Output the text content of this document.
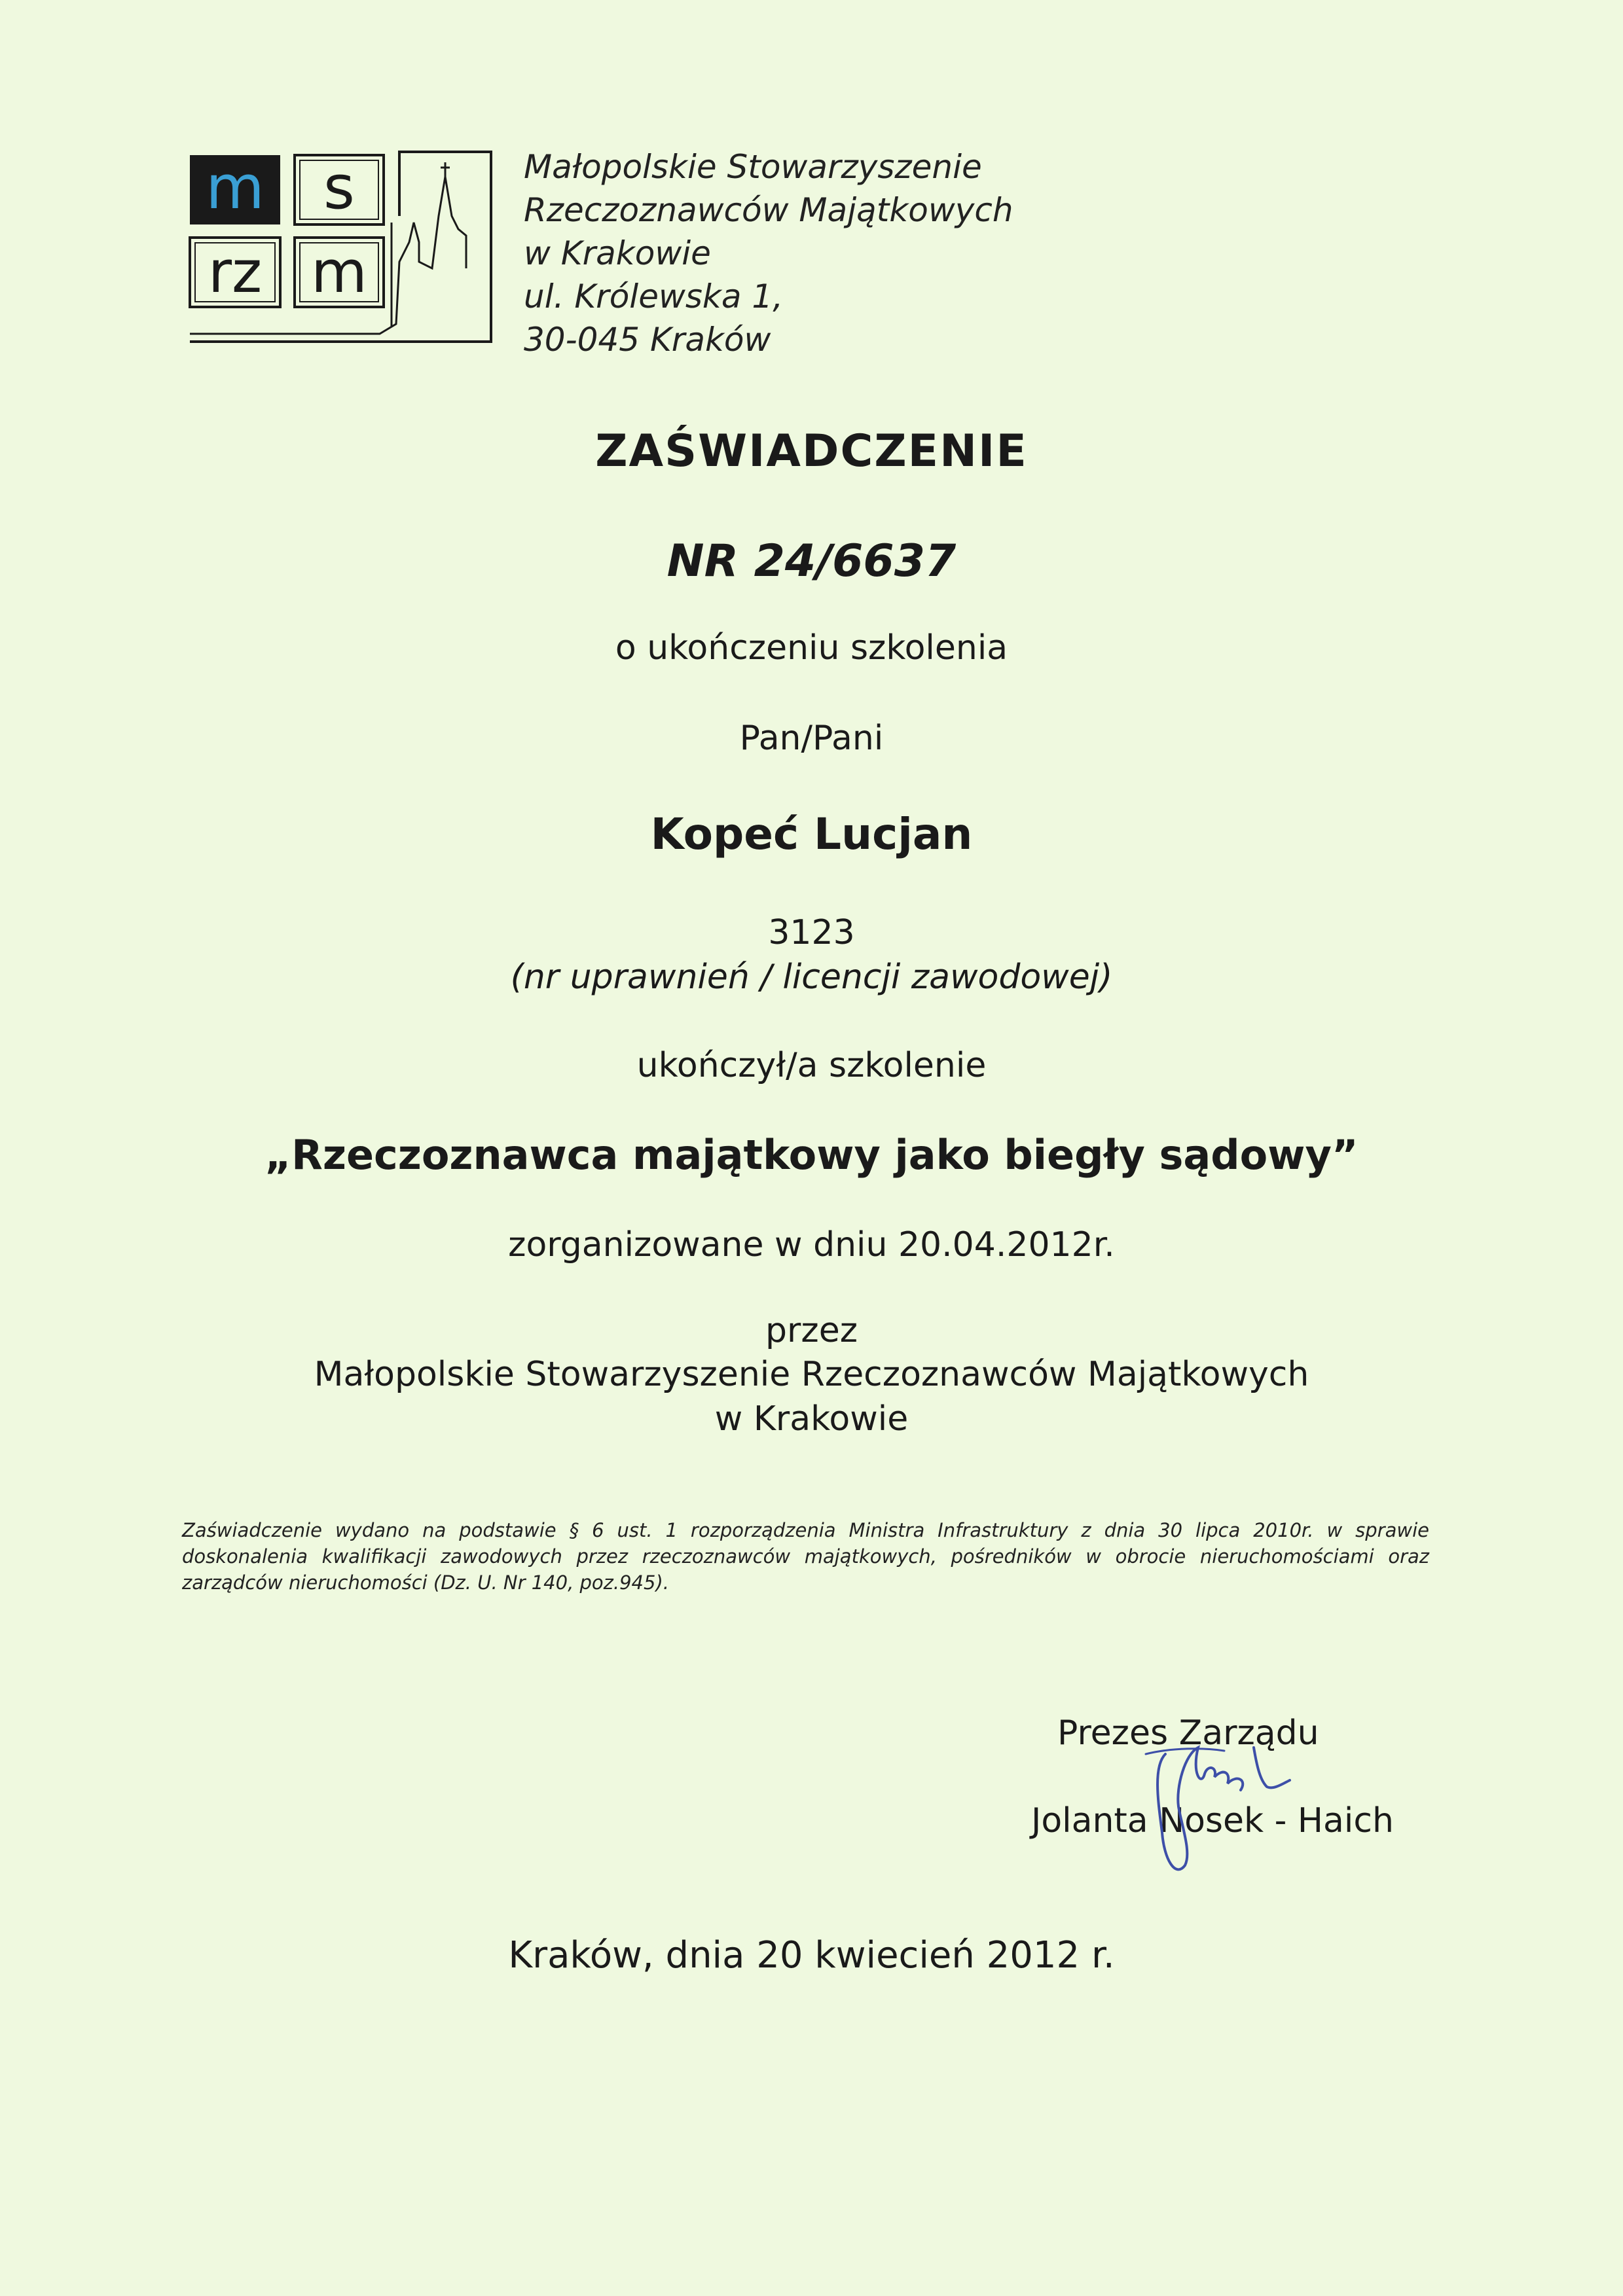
m s
rz m
Małopolskie Stowarzyszenie
Rzeczoznawców Majątkowych
w Krakowie
ul. Królewska 1,
30-045 Kraków
ZAŚWIADCZENIE
NR 24/6637
o ukończeniu szkolenia
Pan/Pani
Kopeć Lucjan
3123
(nr uprawnień / licencji zawodowej)
ukończył/a szkolenie
„Rzeczoznawca majątkowy jako biegły sądowy”
zorganizowane w dniu 20.04.2012r.
przez
Małopolskie Stowarzyszenie Rzeczoznawców Majątkowych
w Krakowie
Zaświadczenie wydano na podstawie § 6 ust. 1 rozporządzenia Ministra Infrastruktury z dnia 30 lipca 2010r. w sprawie doskonalenia kwalifikacji zawodowych przez rzeczoznawców majątkowych, pośredników w obrocie nieruchomościami oraz zarządców nieruchomości (Dz. U. Nr 140, poz.945).
Prezes Zarządu
Jolanta Nosek - Haich
Kraków, dnia 20 kwiecień 2012 r.
